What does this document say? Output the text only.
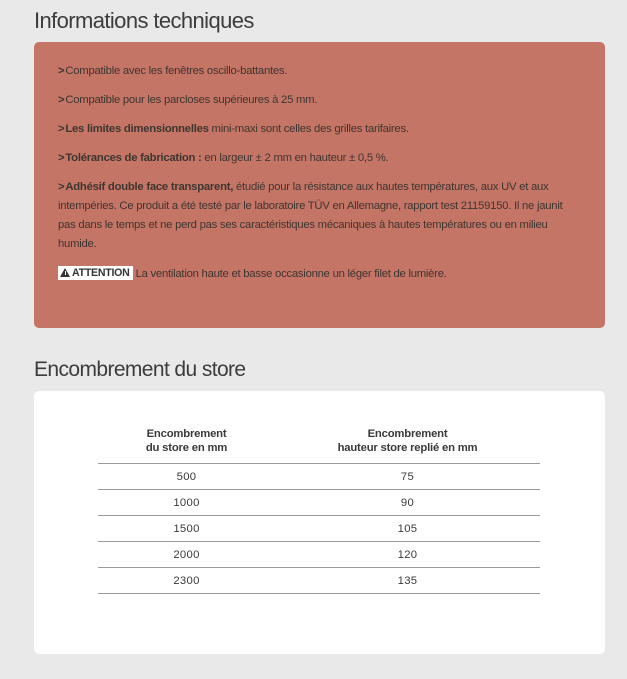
Informations techniques

>Compatible avec les fenêtres oscillo-battantes.

>Compatible pour les parcloses supérieures à 25 mm.

>Les limites dimensionnelles mini-maxi sont celles des grilles tarifaires.

>Tolérances de fabrication : en largeur ± 2 mm en hauteur ± 0,5 %.

>Adhésif double face transparent, étudié pour la résistance aux hautes températures, aux UV et aux intempéries. Ce produit a été testé par le laboratoire TÜV en Allemagne, rapport test 21159150. Il ne jaunit pas dans le temps et ne perd pas ses caractéristiques mécaniques à hautes températures ou en milieu humide.

ATTENTION La ventilation haute et basse occasionne un léger filet de lumière.

Encombrement du store
Encombrement
du store en mm	Encombrement
hauteur store replié en mm
500	75
1000	90
1500	105
2000	120
2300	135
